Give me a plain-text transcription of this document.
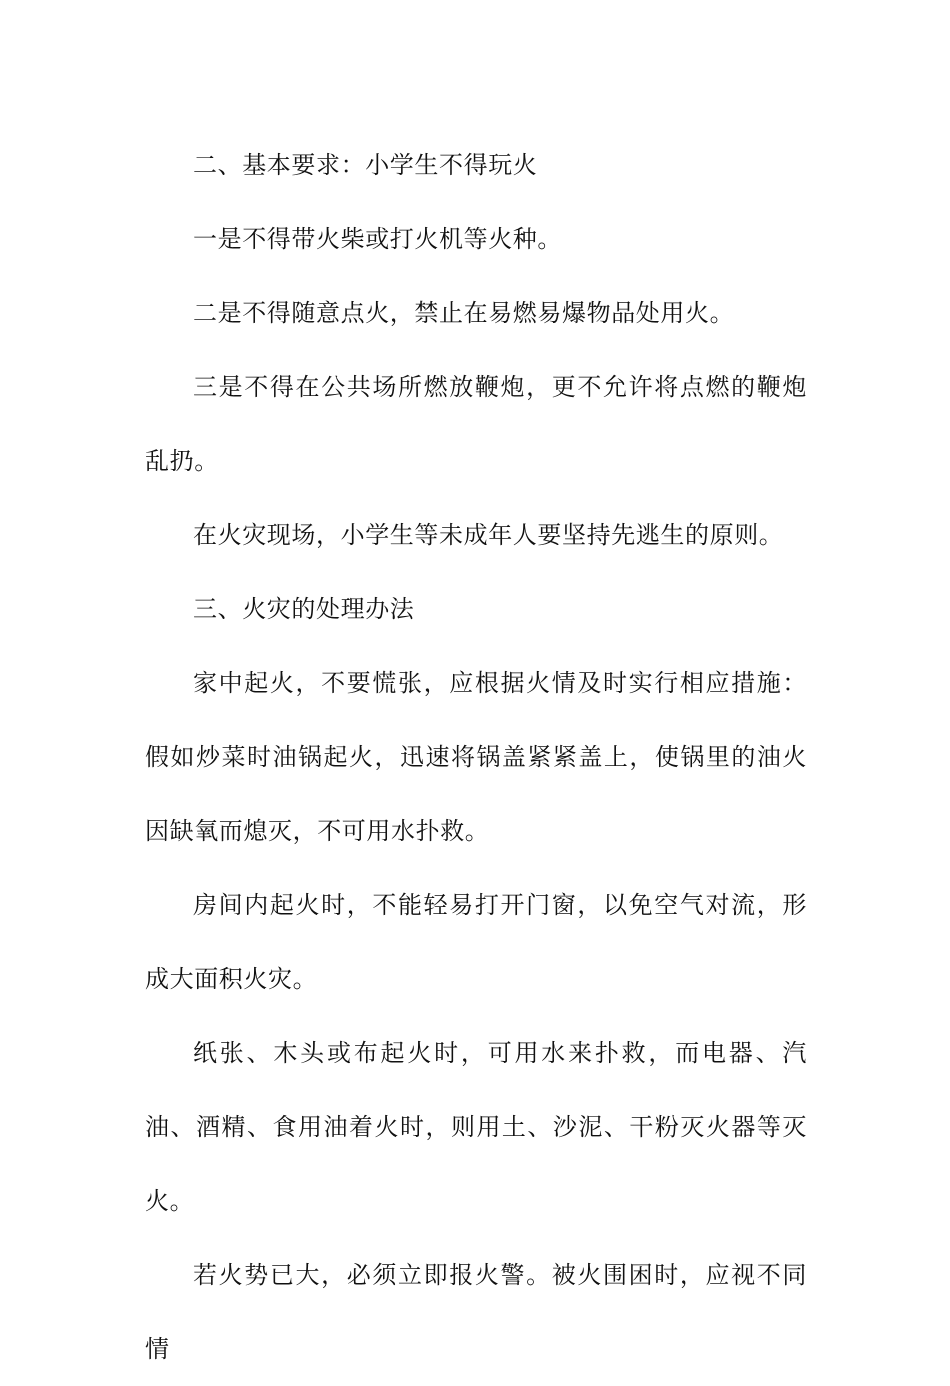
二、基本要求：小学生不得玩火

一是不得带火柴或打火机等火种。

二是不得随意点火，禁止在易燃易爆物品处用火。

三是不得在公共场所燃放鞭炮，更不允许将点燃的鞭炮乱扔。

在火灾现场，小学生等未成年人要坚持先逃生的原则。

三、火灾的处理办法

家中起火，不要慌张，应根据火情及时实行相应措施：假如炒菜时油锅起火，迅速将锅盖紧紧盖上，使锅里的油火因缺氧而熄灭，不可用水扑救。

房间内起火时，不能轻易打开门窗，以免空气对流，形成大面积火灾。

纸张、木头或布起火时，可用水来扑救，而电器、汽油、酒精、食用油着火时，则用土、沙泥、干粉灭火器等灭火。

若火势已大，必须立即报火警。被火围困时，应视不同情
